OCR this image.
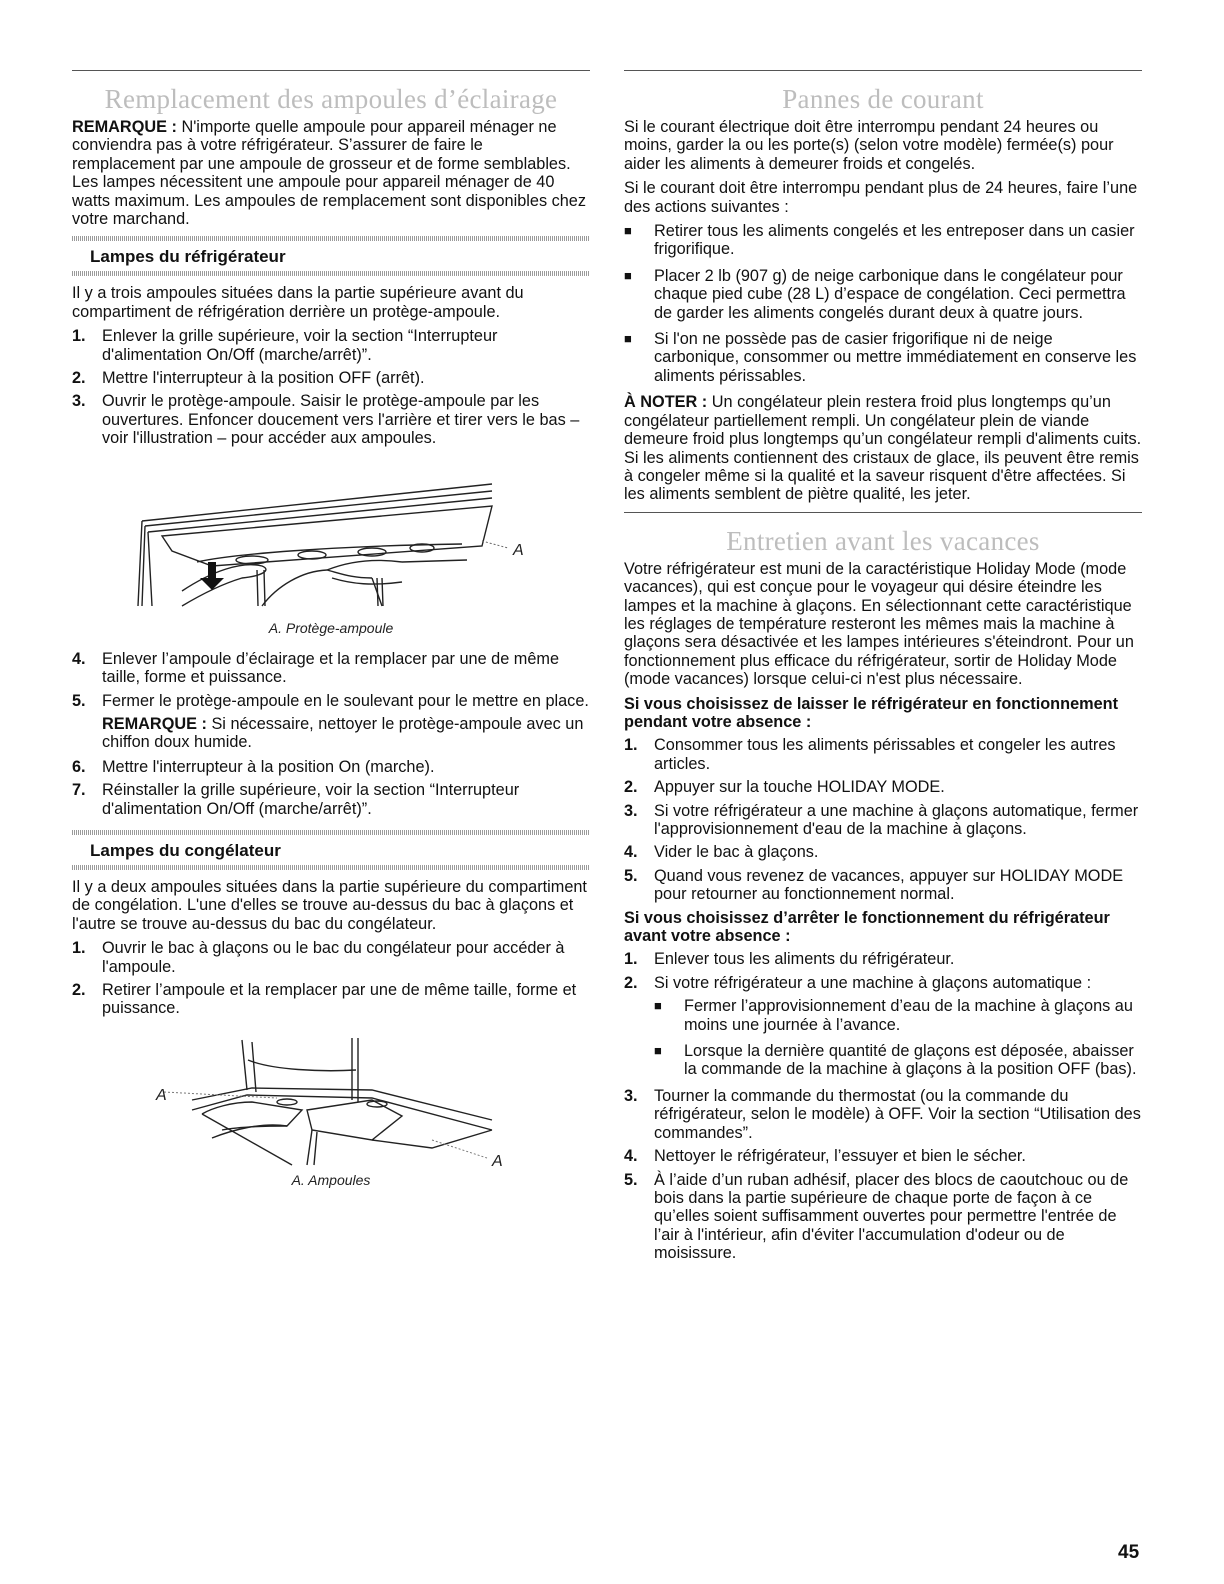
Remplacement des ampoules d’éclairage

REMARQUE : N'importe quelle ampoule pour appareil ménager ne conviendra pas à votre réfrigérateur. S’assurer de faire le remplacement par une ampoule de grosseur et de forme semblables. Les lampes nécessitent une ampoule pour appareil ménager de 40 watts maximum. Les ampoules de remplacement sont disponibles chez votre marchand.

Lampes du réfrigérateur

Il y a trois ampoules situées dans la partie supérieure avant du compartiment de réfrigération derrière un protège-ampoule.

1.	Enlever la grille supérieure, voir la section “Interrupteur d'alimentation On/Off (marche/arrêt)”.
2.	Mettre l'interrupteur à la position OFF (arrêt).
3.	Ouvrir le protège-ampoule. Saisir le protège-ampoule par les ouvertures. Enfoncer doucement vers l'arrière et tirer vers le bas – voir l'illustration – pour accéder aux ampoules.
A
A. Protège-ampoule
4.	Enlever l’ampoule d’éclairage et la remplacer par une de même taille, forme et puissance.
5.	Fermer le protège-ampoule en le soulevant pour le mettre en place.

REMARQUE : Si nécessaire, nettoyer le protège-ampoule avec un chiffon doux humide.

6.	Mettre l'interrupteur à la position On (marche).
7.	Réinstaller la grille supérieure, voir la section “Interrupteur d'alimentation On/Off (marche/arrêt)”.
Lampes du congélateur

Il y a deux ampoules situées dans la partie supérieure du compartiment de congélation. L'une d'elles se trouve au-dessus du bac à glaçons et l'autre se trouve au-dessus du bac du congélateur.

1.	Ouvrir le bac à glaçons ou le bac du congélateur pour accéder à l'ampoule.
2.	Retirer l’ampoule et la remplacer par une de même taille, forme et puissance.
A
A
A. Ampoules
Pannes de courant

Si le courant électrique doit être interrompu pendant 24 heures ou moins, garder la ou les porte(s) (selon votre modèle) fermée(s) pour aider les aliments à demeurer froids et congelés.

Si le courant doit être interrompu pendant plus de 24 heures, faire l’une des actions suivantes :

■	Retirer tous les aliments congelés et les entreposer dans un casier frigorifique.
■	Placer 2 lb (907 g) de neige carbonique dans le congélateur pour chaque pied cube (28 L) d’espace de congélation. Ceci permettra de garder les aliments congelés durant deux à quatre jours.
■	Si l'on ne possède pas de casier frigorifique ni de neige carbonique, consommer ou mettre immédiatement en conserve les aliments périssables.

À NOTER : Un congélateur plein restera froid plus longtemps qu’un congélateur partiellement rempli. Un congélateur plein de viande demeure froid plus longtemps qu’un congélateur rempli d'aliments cuits. Si les aliments contiennent des cristaux de glace, ils peuvent être remis à congeler même si la qualité et la saveur risquent d'être affectées. Si les aliments semblent de piètre qualité, les jeter.

Entretien avant les vacances

Votre réfrigérateur est muni de la caractéristique Holiday Mode (mode vacances), qui est conçue pour le voyageur qui désire éteindre les lampes et la machine à glaçons. En sélectionnant cette caractéristique les réglages de température resteront les mêmes mais la machine à glaçons sera désactivée et les lampes intérieures s'éteindront. Pour un fonctionnement plus efficace du réfrigérateur, sortir de Holiday Mode (mode vacances) lorsque celui-ci n'est plus nécessaire.

Si vous choisissez de laisser le réfrigérateur en fonctionnement pendant votre absence :
1.	Consommer tous les aliments périssables et congeler les autres articles.
2.	Appuyer sur la touche HOLIDAY MODE.
3.	Si votre réfrigérateur a une machine à glaçons automatique, fermer l'approvisionnement d'eau de la machine à glaçons.
4.	Vider le bac à glaçons.
5.	Quand vous revenez de vacances, appuyer sur HOLIDAY MODE pour retourner au fonctionnement normal.
Si vous choisissez d’arrêter le fonctionnement du réfrigérateur avant votre absence :
1.	Enlever tous les aliments du réfrigérateur.
2.	Si votre réfrigérateur a une machine à glaçons automatique :
■	Fermer l’approvisionnement d’eau de la machine à glaçons au moins une journée à l’avance.
■	Lorsque la dernière quantité de glaçons est déposée, abaisser la commande de la machine à glaçons à la position OFF (bas).
3.	Tourner la commande du thermostat (ou la commande du réfrigérateur, selon le modèle) à OFF. Voir la section “Utilisation des commandes”.
4.	Nettoyer le réfrigérateur, l’essuyer et bien le sécher.
5.	À l’aide d’un ruban adhésif, placer des blocs de caoutchouc ou de bois dans la partie supérieure de chaque porte de façon à ce qu’elles soient suffisamment ouvertes pour permettre l'entrée de l’air à l'intérieur, afin d'éviter l'accumulation d'odeur ou de moisissure.
45
